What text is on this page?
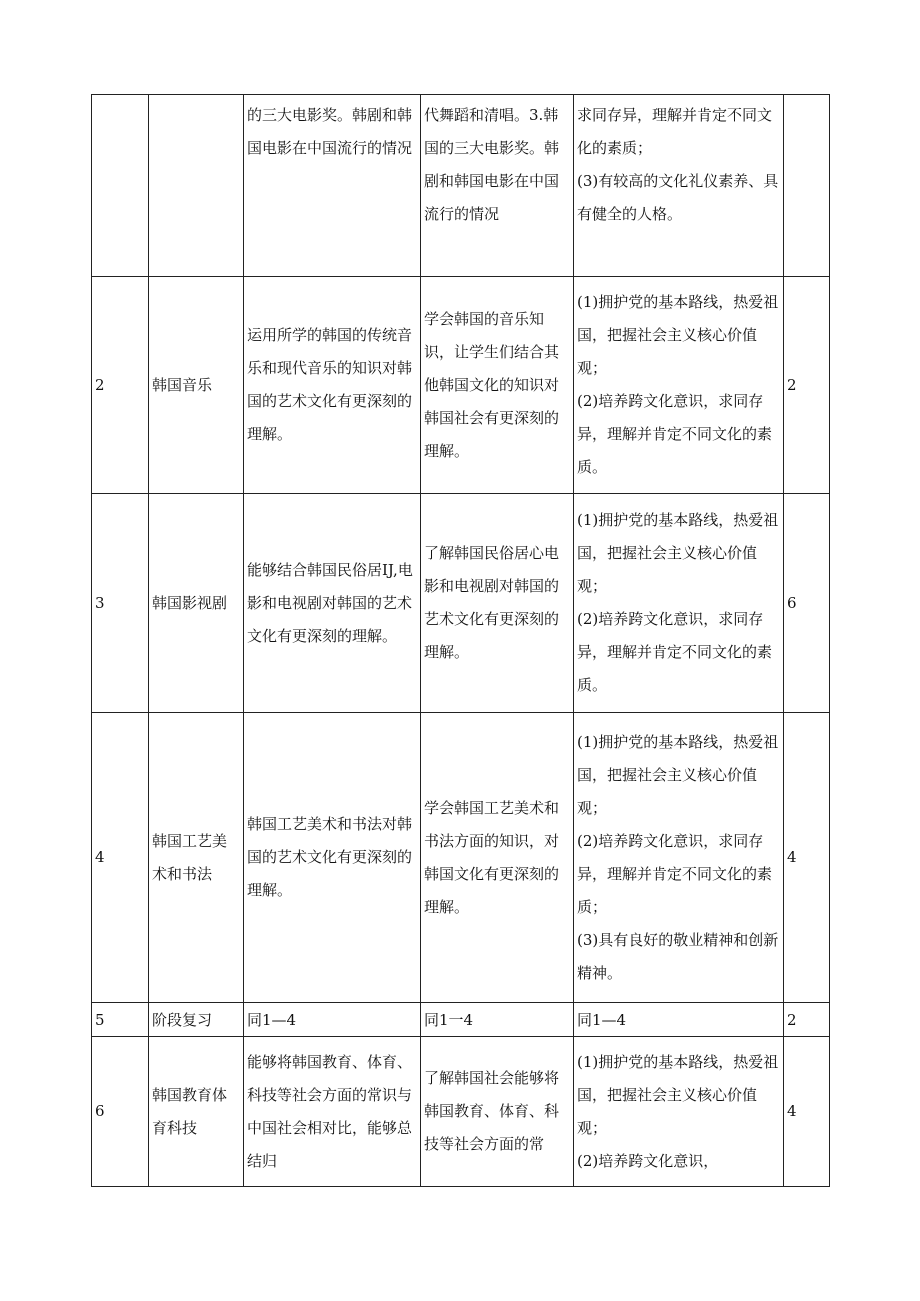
		的三大电影奖。韩剧和韩国电影在中国流行的情况	代舞蹈和清唱。3.韩国的三大电影奖。韩剧和韩国电影在中国流行的情况	求同存异，理解并肯定不同文化的素质；
(3)有较高的文化礼仪素养、具有健全的人格。	

2	韩国音乐	运用所学的韩国的传统音乐和现代音乐的知识对韩国的艺术文化有更深刻的理解。	学会韩国的音乐知识，让学生们结合其他韩国文化的知识对韩国社会有更深刻的理解。	(1)拥护党的基本路线，热爱祖国，把握社会主义核心价值观；
(2)培养跨文化意识，求同存异，理解并肯定不同文化的素质。	2
3	韩国影视剧	能够结合韩国民俗居IJ,电影和电视剧对韩国的艺术文化有更深刻的理解。	了解韩国民俗居心电影和电视剧对韩国的艺术文化有更深刻的理解。	(1)拥护党的基本路线，热爱祖国，把握社会主义核心价值观；
(2)培养跨文化意识，求同存异，理解并肯定不同文化的素质。	6
4	韩国工艺美术和书法	韩国工艺美术和书法对韩国的艺术文化有更深刻的理解。	学会韩国工艺美术和书法方面的知识，对韩国文化有更深刻的理解。	(1)拥护党的基本路线，热爱祖国，把握社会主义核心价值观；
(2)培养跨文化意识，求同存异，理解并肯定不同文化的素质；
(3)具有良好的敬业精神和创新精神。	4
5	阶段复习	同1—4	同1一4	同1—4	2
6	韩国教育体育科技	能够将韩国教育、体育、科技等社会方面的常识与中国社会相对比，能够总结归	了解韩国社会能够将韩国教育、体育、科技等社会方面的常	(1)拥护党的基本路线，热爱祖国，把握社会主义核心价值观；
(2)培养跨文化意识，	4
